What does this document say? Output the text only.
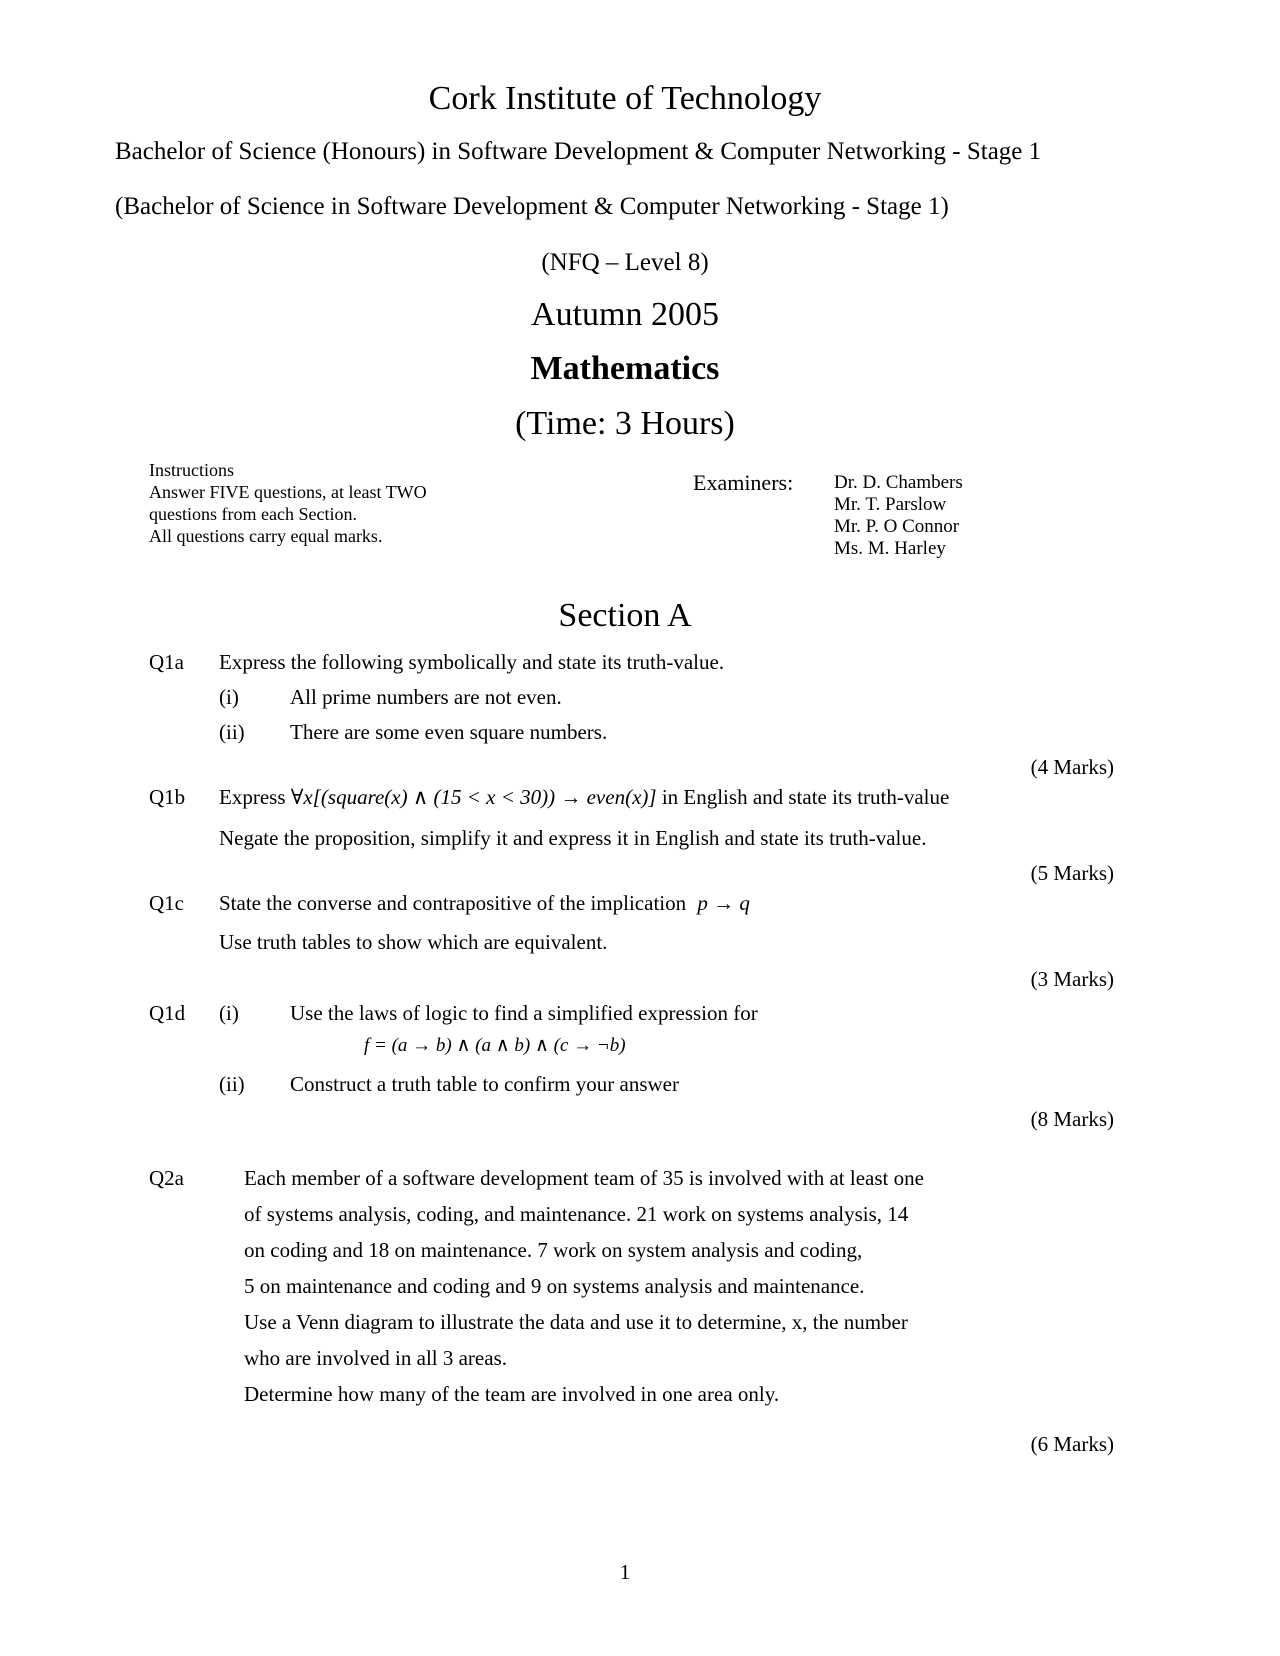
Cork Institute of Technology
Bachelor of Science (Honours) in Software Development & Computer Networking - Stage 1
(Bachelor of Science in Software Development & Computer Networking - Stage 1)
(NFQ – Level 8)
Autumn 2005
Mathematics
(Time: 3 Hours)
Instructions
Answer FIVE questions, at least TWO
questions from each Section.
All questions carry equal marks.
Examiners: Dr. D. Chambers
Mr. T. Parslow
Mr. P. O Connor
Ms. M. Harley
Section A
Q1a Express the following symbolically and state its truth-value.
(i) All prime numbers are not even.
(ii) There are some even square numbers.
(4 Marks)
Q1b Express ∀x[(square(x) ∧ (15 < x < 30)) → even(x)] in English and state its truth-value
Negate the proposition, simplify it and express it in English and state its truth-value.
(5 Marks)
Q1c State the converse and contrapositive of the implication p → q
Use truth tables to show which are equivalent.
(3 Marks)
Q1d (i) Use the laws of logic to find a simplified expression for
f = (a → b) ∧ (a ∧ b) ∧ (c → ¬b)
(ii) Construct a truth table to confirm your answer
(8 Marks)
Q2a	Each member of a software development team of 35 is involved with at least one
of systems analysis, coding, and maintenance. 21 work on systems analysis, 14
on coding and 18 on maintenance. 7 work on system analysis and coding,
5 on maintenance and coding and 9 on systems analysis and maintenance.
Use a Venn diagram to illustrate the data and use it to determine, x, the number
who are involved in all 3 areas.
Determine how many of the team are involved in one area only.
(6 Marks)
1
